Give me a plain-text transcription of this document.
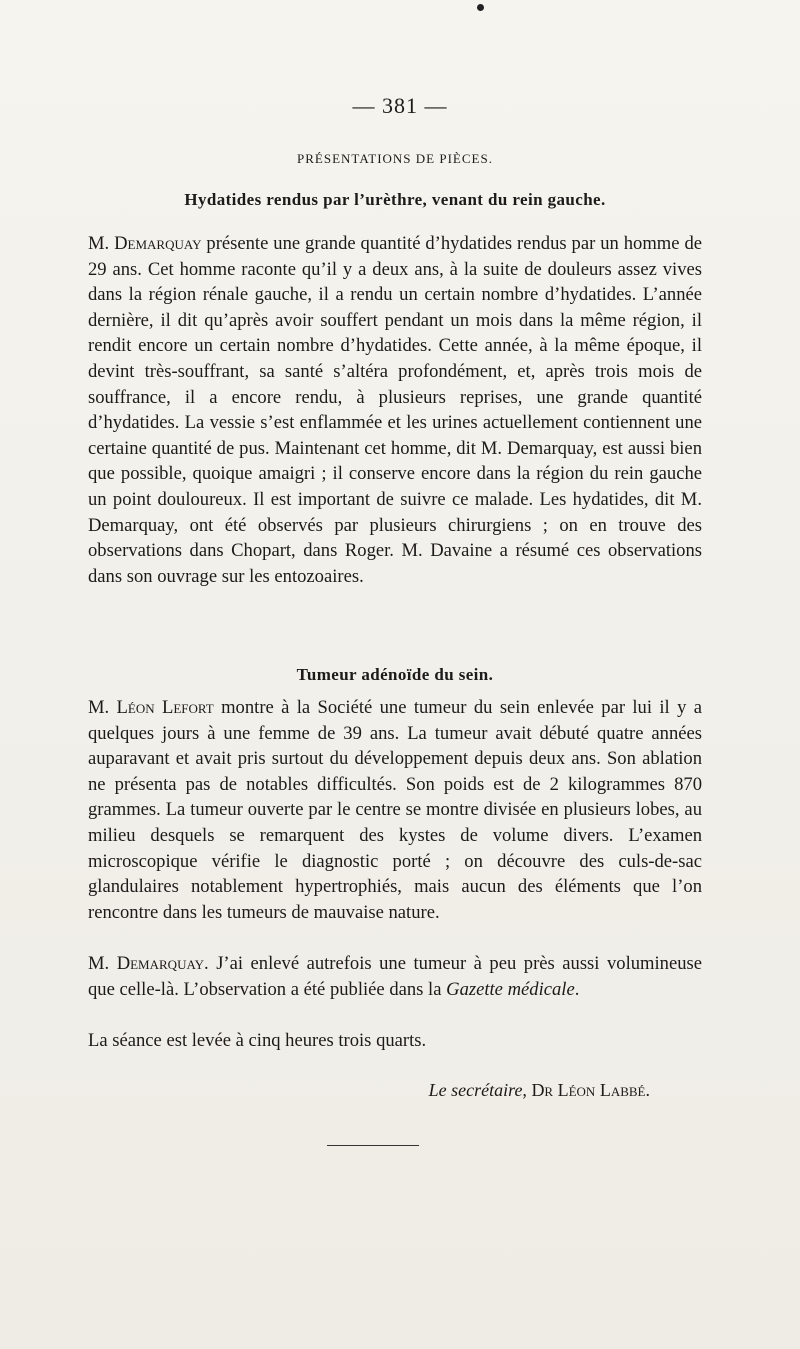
— 381 —
PRÉSENTATIONS DE PIÈCES.
Hydatides rendus par l’urèthre, venant du rein gauche.

M. Demarquay présente une grande quantité d’hydatides rendus par un homme de 29 ans. Cet homme raconte qu’il y a deux ans, à la suite de douleurs assez vives dans la région rénale gauche, il a rendu un certain nombre d’hydatides. L’année dernière, il dit qu’après avoir souffert pendant un mois dans la même région, il rendit encore un certain nombre d’hydatides. Cette année, à la même époque, il devint très-souffrant, sa santé s’altéra profondément, et, après trois mois de souffrance, il a encore rendu, à plusieurs reprises, une grande quantité d’hydatides. La vessie s’est enflammée et les urines actuellement contiennent une certaine quantité de pus. Maintenant cet homme, dit M. Demarquay, est aussi bien que possible, quoique amaigri ; il conserve encore dans la région du rein gauche un point douloureux. Il est important de suivre ce malade. Les hydatides, dit M. Demarquay, ont été observés par plusieurs chirurgiens ; on en trouve des observations dans Chopart, dans Roger. M. Davaine a résumé ces observations dans son ouvrage sur les entozoaires.

Tumeur adénoïde du sein.

M. Léon Lefort montre à la Société une tumeur du sein enlevée par lui il y a quelques jours à une femme de 39 ans. La tumeur avait débuté quatre années auparavant et avait pris surtout du développement depuis deux ans. Son ablation ne présenta pas de notables difficultés. Son poids est de 2 kilogrammes 870 grammes. La tumeur ouverte par le centre se montre divisée en plusieurs lobes, au milieu desquels se remarquent des kystes de volume divers. L’examen microscopique vérifie le diagnostic porté ; on découvre des culs-de-sac glandulaires notablement hypertrophiés, mais aucun des éléments que l’on rencontre dans les tumeurs de mauvaise nature.

M. Demarquay. J’ai enlevé autrefois une tumeur à peu près aussi volumineuse que celle-là. L’observation a été publiée dans la Gazette médicale.

La séance est levée à cinq heures trois quarts.

Le secrétaire, Dr Léon Labbé.
